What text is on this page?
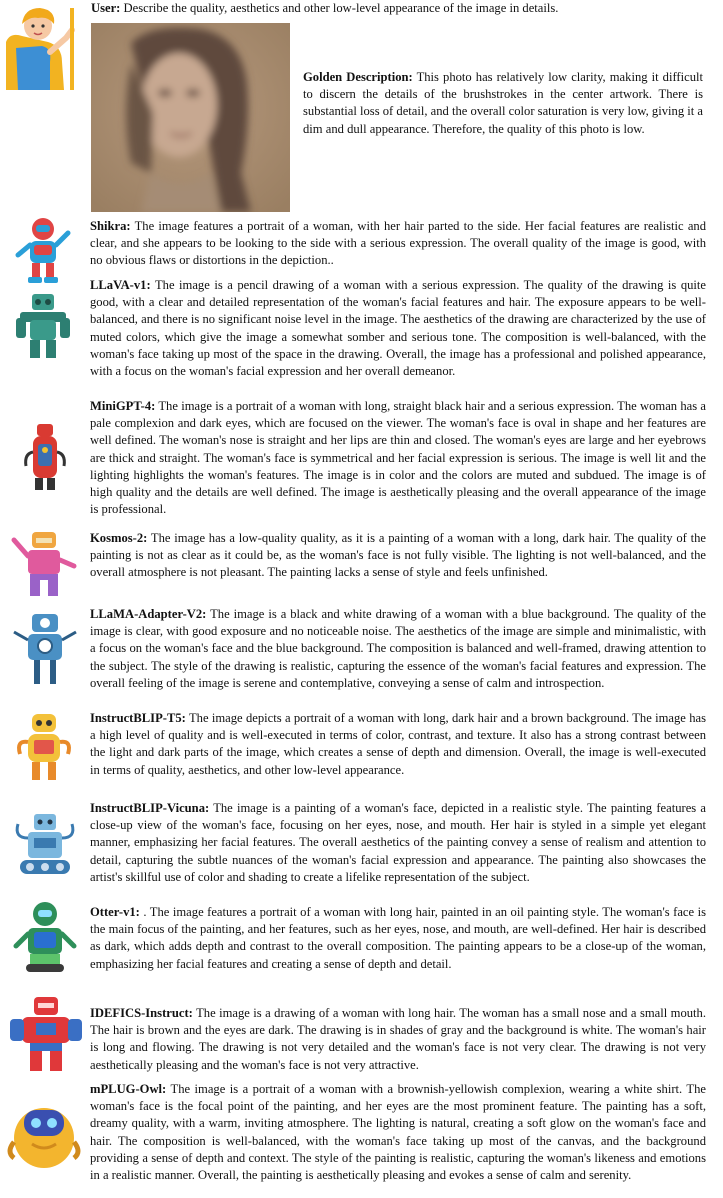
User: Describe the quality, aesthetics and other low-level appearance of the image in details.
Golden Description: This photo has relatively low clarity, making it difficult to discern the details of the brushstrokes in the center artwork. There is substantial loss of detail, and the overall color saturation is very low, giving it a dim and dull appearance. Therefore, the quality of this photo is low.
Shikra: The image features a portrait of a woman, with her hair parted to the side. Her facial features are realistic and clear, and she appears to be looking to the side with a serious expression. The overall quality of the image is good, with no obvious flaws or distortions in the depiction..
LLaVA-v1: The image is a pencil drawing of a woman with a serious expression. The quality of the drawing is quite good, with a clear and detailed representation of the woman's facial features and hair. The exposure appears to be well-balanced, and there is no significant noise level in the image. The aesthetics of the drawing are characterized by the use of muted colors, which give the image a somewhat somber and serious tone. The composition is well-balanced, with the woman's face taking up most of the space in the drawing. Overall, the image has a professional and polished appearance, with a focus on the woman's facial expression and her overall demeanor.
MiniGPT-4: The image is a portrait of a woman with long, straight black hair and a serious expression. The woman has a pale complexion and dark eyes, which are focused on the viewer. The woman's face is oval in shape and her features are well defined. The woman's nose is straight and her lips are thin and closed. The woman's eyes are large and her eyebrows are thick and straight. The woman's face is symmetrical and her facial expression is serious. The image is well lit and the lighting highlights the woman's features. The image is in color and the colors are muted and subdued. The image is of high quality and the details are well defined. The image is aesthetically pleasing and the overall appearance of the image is professional.
Kosmos-2: The image has a low-quality quality, as it is a painting of a woman with a long, dark hair. The quality of the painting is not as clear as it could be, as the woman's face is not fully visible. The lighting is not well-balanced, and the overall atmosphere is not pleasant. The painting lacks a sense of style and feels unfinished.
LLaMA-Adapter-V2: The image is a black and white drawing of a woman with a blue background. The quality of the image is clear, with good exposure and no noticeable noise. The aesthetics of the image are simple and minimalistic, with a focus on the woman's face and the blue background. The composition is balanced and well-framed, drawing attention to the subject. The style of the drawing is realistic, capturing the essence of the woman's facial features and expression. The overall feeling of the image is serene and contemplative, conveying a sense of calm and introspection.
InstructBLIP-T5: The image depicts a portrait of a woman with long, dark hair and a brown background. The image has a high level of quality and is well-executed in terms of color, contrast, and texture. It also has a strong contrast between the light and dark parts of the image, which creates a sense of depth and dimension. Overall, the image is well-executed in terms of quality, aesthetics, and other low-level appearance.
InstructBLIP-Vicuna: The image is a painting of a woman's face, depicted in a realistic style. The painting features a close-up view of the woman's face, focusing on her eyes, nose, and mouth. Her hair is styled in a simple yet elegant manner, emphasizing her facial features. The overall aesthetics of the painting convey a sense of realism and attention to detail, capturing the subtle nuances of the woman's facial expression and appearance. The painting also showcases the artist's skillful use of color and shading to create a lifelike representation of the subject.
Otter-v1: . The image features a portrait of a woman with long hair, painted in an oil painting style. The woman's face is the main focus of the painting, and her features, such as her eyes, nose, and mouth, are well-defined. Her hair is described as dark, which adds depth and contrast to the overall composition. The painting appears to be a close-up of the woman, emphasizing her facial features and creating a sense of depth and detail.
IDEFICS-Instruct: The image is a drawing of a woman with long hair. The woman has a small nose and a small mouth. The hair is brown and the eyes are dark. The drawing is in shades of gray and the background is white. The woman's hair is long and flowing. The drawing is not very detailed and the woman's face is not very clear. The drawing is not very aesthetically pleasing and the woman's face is not very attractive.
mPLUG-Owl: The image is a portrait of a woman with a brownish-yellowish complexion, wearing a white shirt. The woman's face is the focal point of the painting, and her eyes are the most prominent feature. The painting has a soft, dreamy quality, with a warm, inviting atmosphere. The lighting is natural, creating a soft glow on the woman's face and hair. The composition is well-balanced, with the woman's face taking up most of the canvas, and the background providing a sense of depth and context. The style of the painting is realistic, capturing the woman's likeness and emotions in a realistic manner. Overall, the painting is aesthetically pleasing and evokes a sense of calm and serenity.
